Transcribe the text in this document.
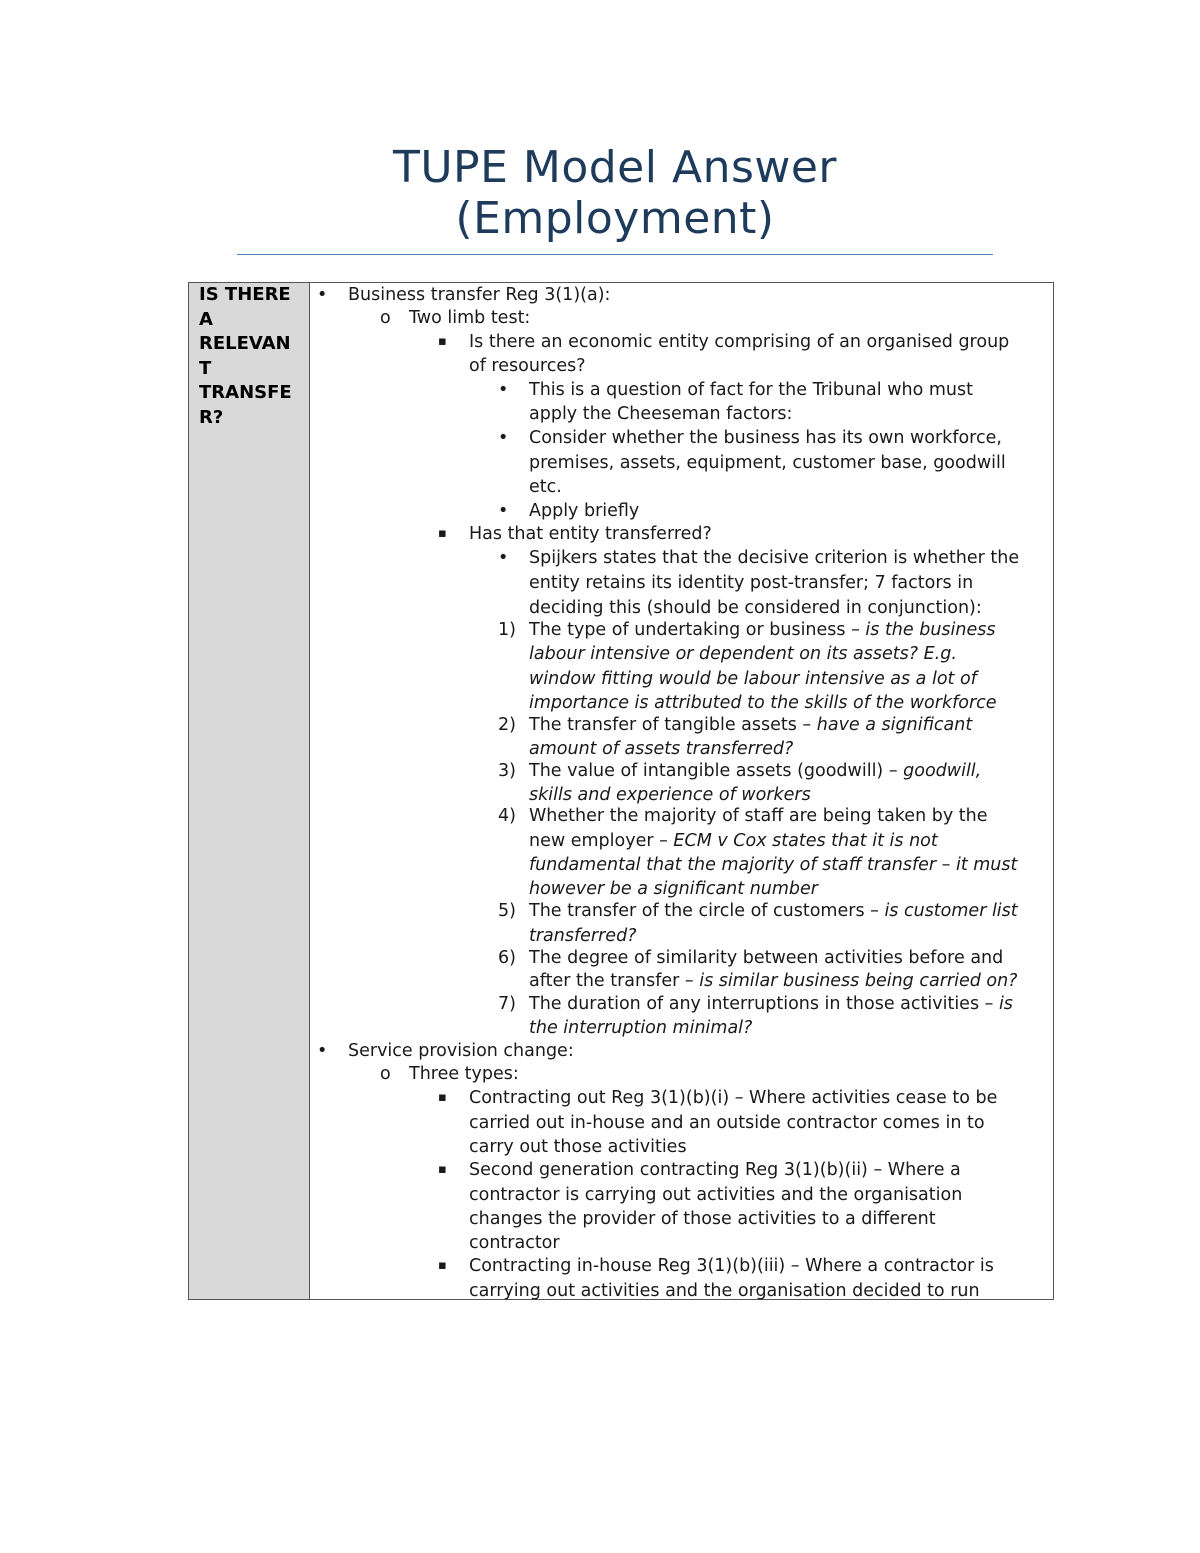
TUPE Model Answer
(Employment)
IS THERE
A
RELEVAN
T
TRANSFE
R?
•
o
▪
•
•
•
▪
•
1)
2)
3)
4)
5)
6)
7)
•
o
▪
▪
▪
Business transfer Reg 3(1)(a):
Two limb test:
Is there an economic entity comprising of an organised group
of resources?
This is a question of fact for the Tribunal who must
apply the Cheeseman factors:
Consider whether the business has its own workforce,
premises, assets, equipment, customer base, goodwill
etc.
Apply briefly
Has that entity transferred?
Spijkers states that the decisive criterion is whether the
entity retains its identity post-transfer; 7 factors in
deciding this (should be considered in conjunction):
The type of undertaking or business – is the business
labour intensive or dependent on its assets? E.g.
window fitting would be labour intensive as a lot of
importance is attributed to the skills of the workforce
The transfer of tangible assets – have a significant
amount of assets transferred?
The value of intangible assets (goodwill) – goodwill,
skills and experience of workers
Whether the majority of staff are being taken by the
new employer – ECM v Cox states that it is not
fundamental that the majority of staff transfer – it must
however be a significant number
The transfer of the circle of customers – is customer list
transferred?
The degree of similarity between activities before and
after the transfer – is similar business being carried on?
The duration of any interruptions in those activities – is
the interruption minimal?
Service provision change:
Three types:
Contracting out Reg 3(1)(b)(i) – Where activities cease to be
carried out in-house and an outside contractor comes in to
carry out those activities
Second generation contracting Reg 3(1)(b)(ii) – Where a
contractor is carrying out activities and the organisation
changes the provider of those activities to a different
contractor
Contracting in-house Reg 3(1)(b)(iii) – Where a contractor is
carrying out activities and the organisation decided to run
